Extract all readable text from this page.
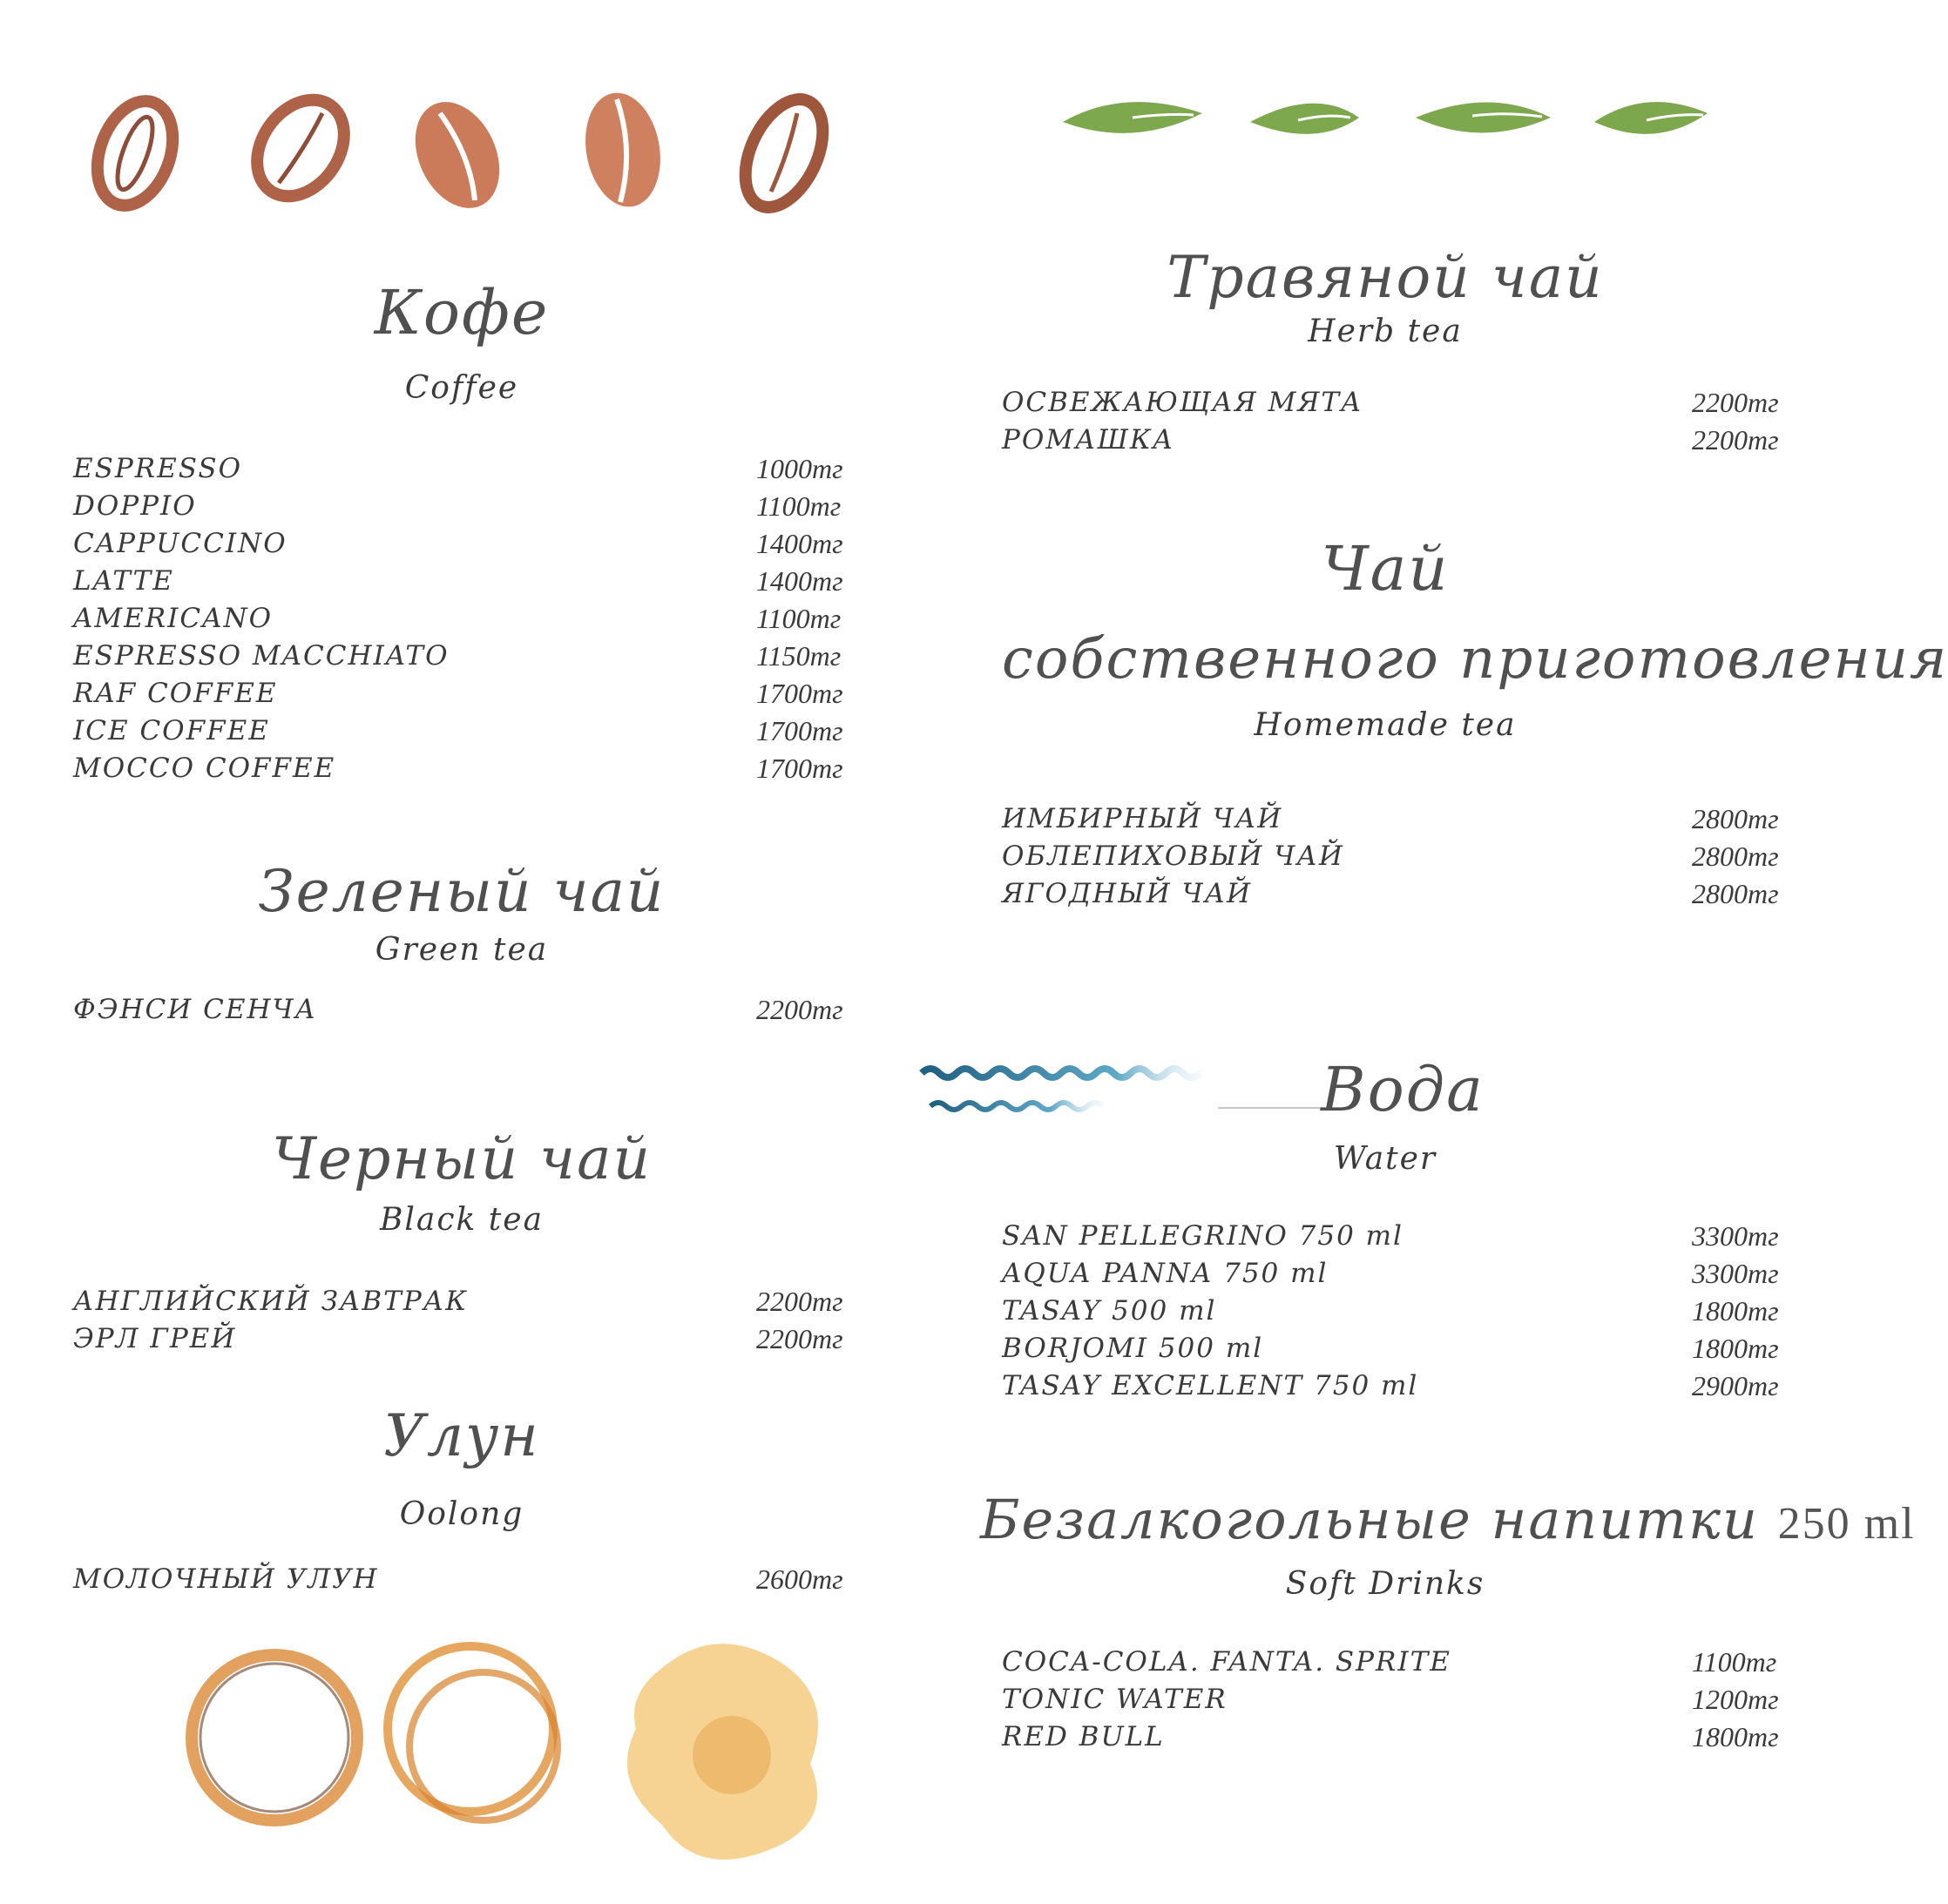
Кофе
Coffee
ESPRESSO	1000тг
DOPPIO	1100тг
CAPPUCCINO	1400тг
LATTE	1400тг
AMERICANO	1100тг
ESPRESSO MACCHIATO	1150тг
RAF COFFEE	1700тг
ICE COFFEE	1700тг
MOCCO COFFEE	1700тг
Зеленый чай
Green tea
ФЭНСИ СЕНЧА	2200тг
Черный чай
Black tea
АНГЛИЙСКИЙ ЗАВТРАК	2200тг
ЭРЛ ГРЕЙ	2200тг
Улун
Oolong
МОЛОЧНЫЙ УЛУН	2600тг
Травяной чай
Herb tea
ОСВЕЖАЮЩАЯ МЯТА	2200тг
РОМАШКА	2200тг
Чай
собственного приготовления
Homemade tea
ИМБИРНЫЙ ЧАЙ	2800тг
ОБЛЕПИХОВЫЙ ЧАЙ	2800тг
ЯГОДНЫЙ ЧАЙ	2800тг
Вода
Water
SAN PELLEGRINO 750 ml	3300тг
AQUA PANNA 750 ml	3300тг
TASAY 500 ml	1800тг
BORJOMI 500 ml	1800тг
TASAY EXCELLENT 750 ml	2900тг
Безалкогольные напитки 250 ml
Soft Drinks
COCA-COLA. FANTA. SPRITE	1100тг
TONIC WATER	1200тг
RED BULL	1800тг
